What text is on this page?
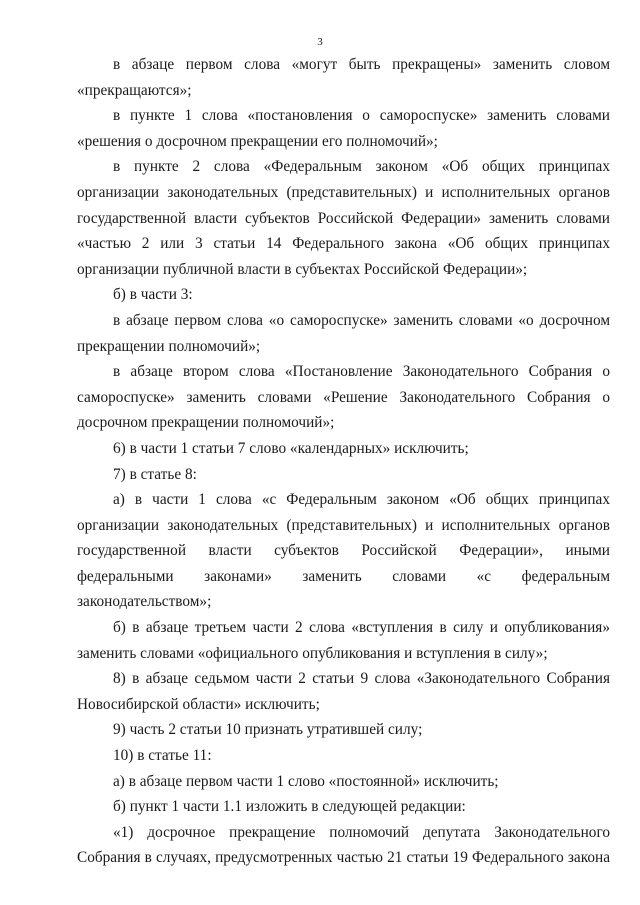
3
в абзаце первом слова «могут быть прекращены» заменить словом
«прекращаются»;
в пункте 1 слова «постановления о самороспуске» заменить словами
«решения о досрочном прекращении его полномочий»;
в пункте 2 слова «Федеральным законом «Об общих принципах
организации законодательных (представительных) и исполнительных органов
государственной власти субъектов Российской Федерации» заменить словами
«частью 2 или 3 статьи 14 Федерального закона «Об общих принципах
организации публичной власти в субъектах Российской Федерации»;
б) в части 3:
в абзаце первом слова «о самороспуске» заменить словами «о досрочном
прекращении полномочий»;
в абзаце втором слова «Постановление Законодательного Собрания о
самороспуске» заменить словами «Решение Законодательного Собрания о
досрочном прекращении полномочий»;
6) в части 1 статьи 7 слово «календарных» исключить;
7) в статье 8:
а) в части 1 слова «с Федеральным законом «Об общих принципах
организации законодательных (представительных) и исполнительных органов
государственной власти субъектов Российской Федерации», иными
федеральными законами» заменить словами «с федеральным законодательством»;
б) в абзаце третьем части 2 слова «вступления в силу и опубликования»
заменить словами «официального опубликования и вступления в силу»;
8) в абзаце седьмом части 2 статьи 9 слова «Законодательного Собрания
Новосибирской области» исключить;
9) часть 2 статьи 10 признать утратившей силу;
10) в статье 11:
а) в абзаце первом части 1 слово «постоянной» исключить;
б) пункт 1 части 1.1 изложить в следующей редакции:
«1) досрочное прекращение полномочий депутата Законодательного
Собрания в случаях, предусмотренных частью 21 статьи 19 Федерального закона
